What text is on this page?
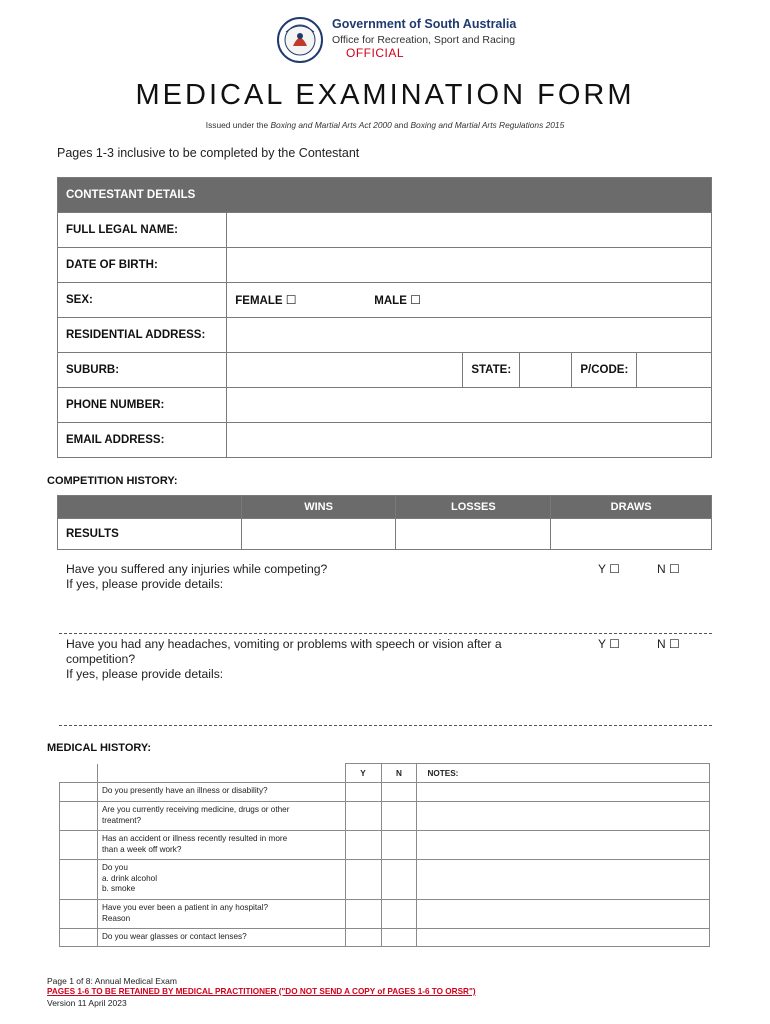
Government of South Australia
Office for Recreation, Sport and Racing
OFFICIAL
MEDICAL EXAMINATION FORM
Issued under the Boxing and Martial Arts Act 2000 and Boxing and Martial Arts Regulations 2015
Pages 1-3 inclusive to be completed by the Contestant
CONTESTANT DETAILS					
FULL LEGAL NAME:					
DATE OF BIRTH:					
SEX:	FEMALE ☐ MALE ☐				

RESIDENTIAL ADDRESS:					
SUBURB:		STATE:		P/CODE:	
PHONE NUMBER:					
EMAIL ADDRESS:					
COMPETITION HISTORY:
	WINS	LOSSES	DRAWS
RESULTS			
Have you suffered any injuries while competing?
If yes, please provide details:
Y ☐	N ☐
Have you had any headaches, vomiting or problems with speech or vision after a
competition?
If yes, please provide details:
Y ☐	N ☐
MEDICAL HISTORY:
		Y	N	NOTES:

	Do you presently have an illness or disability?			

	Are you currently receiving medicine, drugs or other
treatment?			

	Has an accident or illness recently resulted in more
than a week off work?			

	Do you
a. drink alcohol
b. smoke			

	Have you ever been a patient in any hospital?
Reason			

	Do you wear glasses or contact lenses?			

Page 1 of 8: Annual Medical Exam
PAGES 1-6 TO BE RETAINED BY MEDICAL PRACTITIONER ("DO NOT SEND A COPY of PAGES 1-6 TO ORSR")
Version 11 April 2023
